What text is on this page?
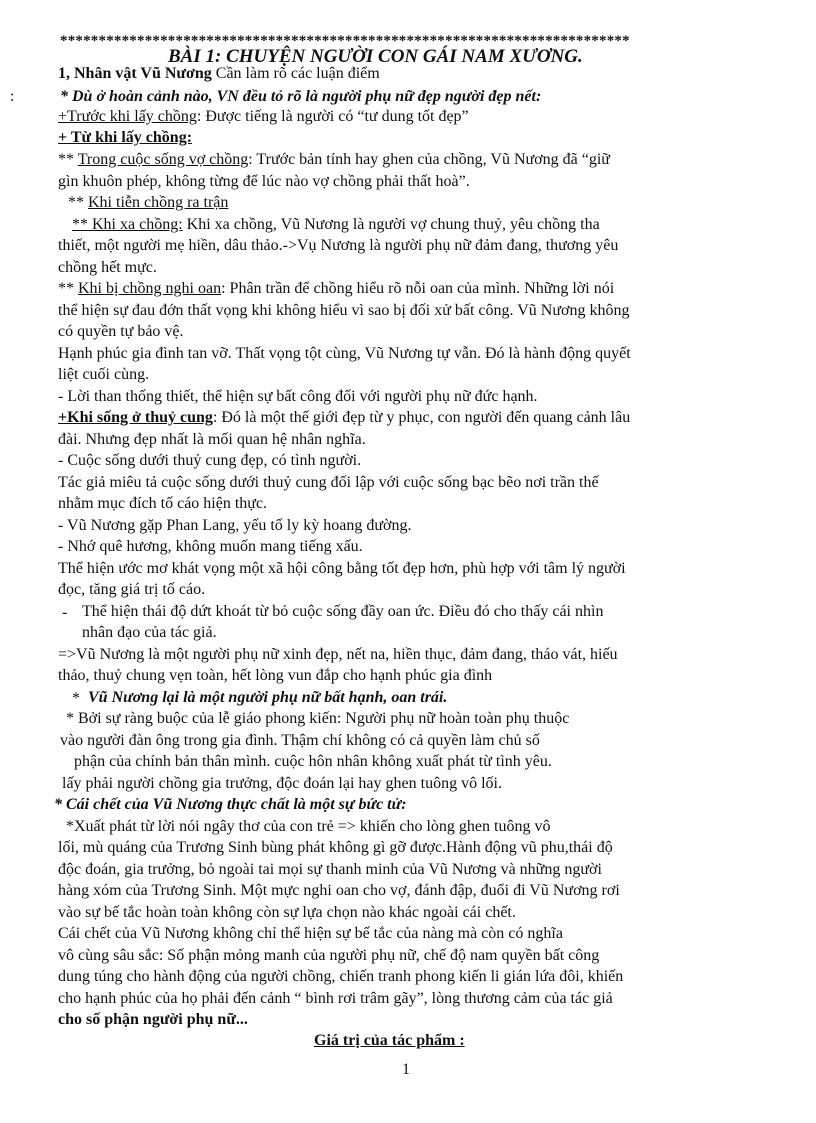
**************************************************************************
BÀI 1: CHUYỆN NGƯỜI CON GÁI NAM XƯƠNG.
:
1, Nhân vật Vũ Nương Cần làm rõ các luận điểm
* Dù ở hoàn cảnh nào, VN đều tỏ rõ là người phụ nữ đẹp người đẹp nết:
+Trước khi lấy chồng: Được tiếng là người có “tư dung tốt đẹp”
+ Từ khi lấy chồng:
** Trong cuộc sống vợ chồng: Trước bản tính hay ghen của chồng, Vũ Nương đã “giữ
gìn khuôn phép, không từng để lúc nào vợ chồng phải thất hoà”.
** Khi tiễn chồng ra trận
** Khi xa chồng: Khi xa chồng, Vũ Nương là người vợ chung thuỷ, yêu chồng tha
thiết, một người mẹ hiền, dâu thảo.->Vụ Nương là người phụ nữ đảm đang, thương yêu
chồng hết mực.
** Khi bị chồng nghi oan: Phân trần để chồng hiểu rõ nỗi oan của mình. Những lời nói
thể hiện sự đau đớn thất vọng khi không hiểu vì sao bị đối xử bất công. Vũ Nương không
có quyền tự bảo vệ.
Hạnh phúc gia đình tan vỡ. Thất vọng tột cùng, Vũ Nương tự vẫn. Đó là hành động quyết
liệt cuối cùng.
- Lời than thống thiết, thể hiện sự bất công đối với người phụ nữ đức hạnh.
+Khi sống ở thuỷ cung: Đó là một thế giới đẹp từ y phục, con người đến quang cảnh lâu
đài. Nhưng đẹp nhất là mối quan hệ nhân nghĩa.
- Cuộc sống dưới thuỷ cung đẹp, có tình người.
Tác giả miêu tả cuộc sống dưới thuỷ cung đối lập với cuộc sống bạc bẽo nơi trần thế
nhằm mục đích tố cáo hiện thực.
- Vũ Nương gặp Phan Lang, yếu tố ly kỳ hoang đường.
- Nhớ quê hương, không muốn mang tiếng xấu.
Thể hiện ước mơ khát vọng một xã hội công bằng tốt đẹp hơn, phù hợp với tâm lý người
đọc, tăng giá trị tố cáo.
- Thể hiện thái độ dứt khoát từ bỏ cuộc sống đầy oan ức. Điều đó cho thấy cái nhìn
nhân đạo của tác giả.
=>Vũ Nương là một người phụ nữ xinh đẹp, nết na, hiền thục, đảm đang, tháo vát, hiếu
thảo, thuỷ chung vẹn toàn, hết lòng vun đắp cho hạnh phúc gia đình
* Vũ Nương lại là một người phụ nữ bất hạnh, oan trái.
* Bởi sự ràng buộc của lễ giáo phong kiến: Người phụ nữ hoàn toàn phụ thuộc
vào người đàn ông trong gia đình. Thậm chí không có cả quyền làm chủ số
phận của chính bản thân mình. cuộc hôn nhân không xuất phát từ tình yêu.
lấy phải người chồng gia trưởng, độc đoán lại hay ghen tuông vô lối.
* Cái chết của Vũ Nương thực chất là một sự bức tử:
*Xuất phát từ lời nói ngây thơ của con trẻ => khiến cho lòng ghen tuông vô
lối, mù quáng của Trương Sinh bùng phát không gì gỡ được.Hành động vũ phu,thái độ
độc đoán, gia trưởng, bỏ ngoài tai mọi sự thanh minh của Vũ Nương và những người
hàng xóm của Trương Sinh. Một mực nghi oan cho vợ, đánh đập, đuổi đi Vũ Nương rơi
vào sự bế tắc hoàn toàn không còn sự lựa chọn nào khác ngoài cái chết.
Cái chết của Vũ Nương không chỉ thể hiện sự bế tắc của nàng mà còn có nghĩa
vô cùng sâu sắc: Số phận mỏng manh của người phụ nữ, chế độ nam quyền bất công
dung túng cho hành động của người chồng, chiến tranh phong kiến li gián lứa đôi, khiến
cho hạnh phúc của họ phải đến cảnh “ bình rơi trâm gãy”, lòng thương cảm của tác giả
cho số phận người phụ nữ...
Giá trị của tác phẩm :
1
